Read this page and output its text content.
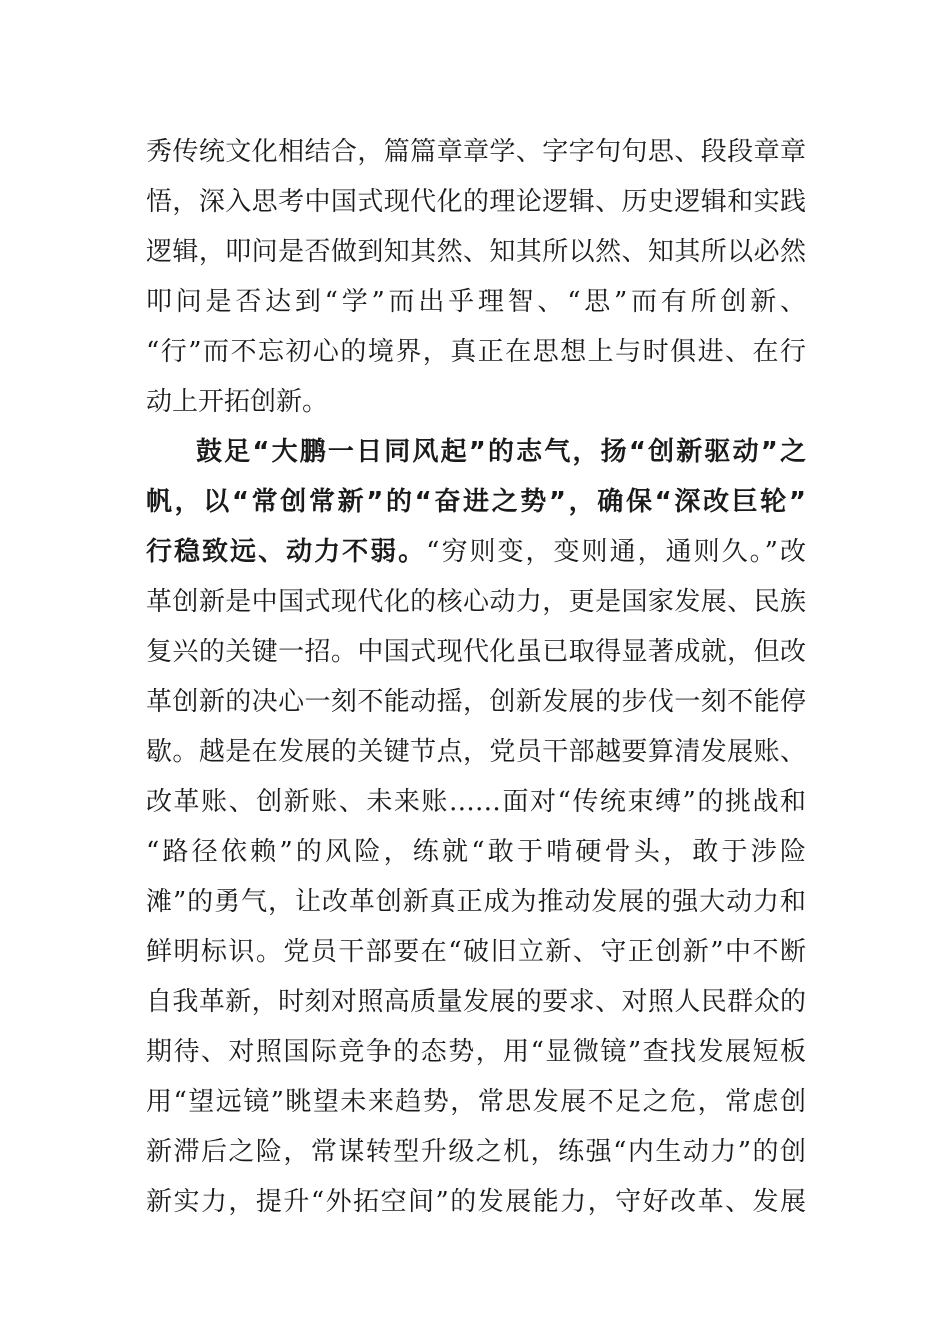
秀传统文化相结合，篇篇章章学、字字句句思、段段章章
悟，深入思考中国式现代化的理论逻辑、历史逻辑和实践
逻辑，叩问是否做到知其然、知其所以然、知其所以必然
叩问是否达到“学”而出乎理智、“思”而有所创新、
“行”而不忘初心的境界，真正在思想上与时俱进、在行
动上开拓创新。
鼓足“大鹏一日同风起”的志气，扬“创新驱动”之
帆，以“常创常新”的“奋进之势”，确保“深改巨轮”
行稳致远、动力不弱。“穷则变，变则通，通则久。”改
革创新是中国式现代化的核心动力，更是国家发展、民族
复兴的关键一招。中国式现代化虽已取得显著成就，但改
革创新的决心一刻不能动摇，创新发展的步伐一刻不能停
歇。越是在发展的关键节点，党员干部越要算清发展账、
改革账、创新账、未来账……面对“传统束缚”的挑战和
“路径依赖”的风险，练就“敢于啃硬骨头，敢于涉险
滩”的勇气，让改革创新真正成为推动发展的强大动力和
鲜明标识。党员干部要在“破旧立新、守正创新”中不断
自我革新，时刻对照高质量发展的要求、对照人民群众的
期待、对照国际竞争的态势，用“显微镜”查找发展短板
用“望远镜”眺望未来趋势，常思发展不足之危，常虑创
新滞后之险，常谋转型升级之机，练强“内生动力”的创
新实力，提升“外拓空间”的发展能力，守好改革、发展
